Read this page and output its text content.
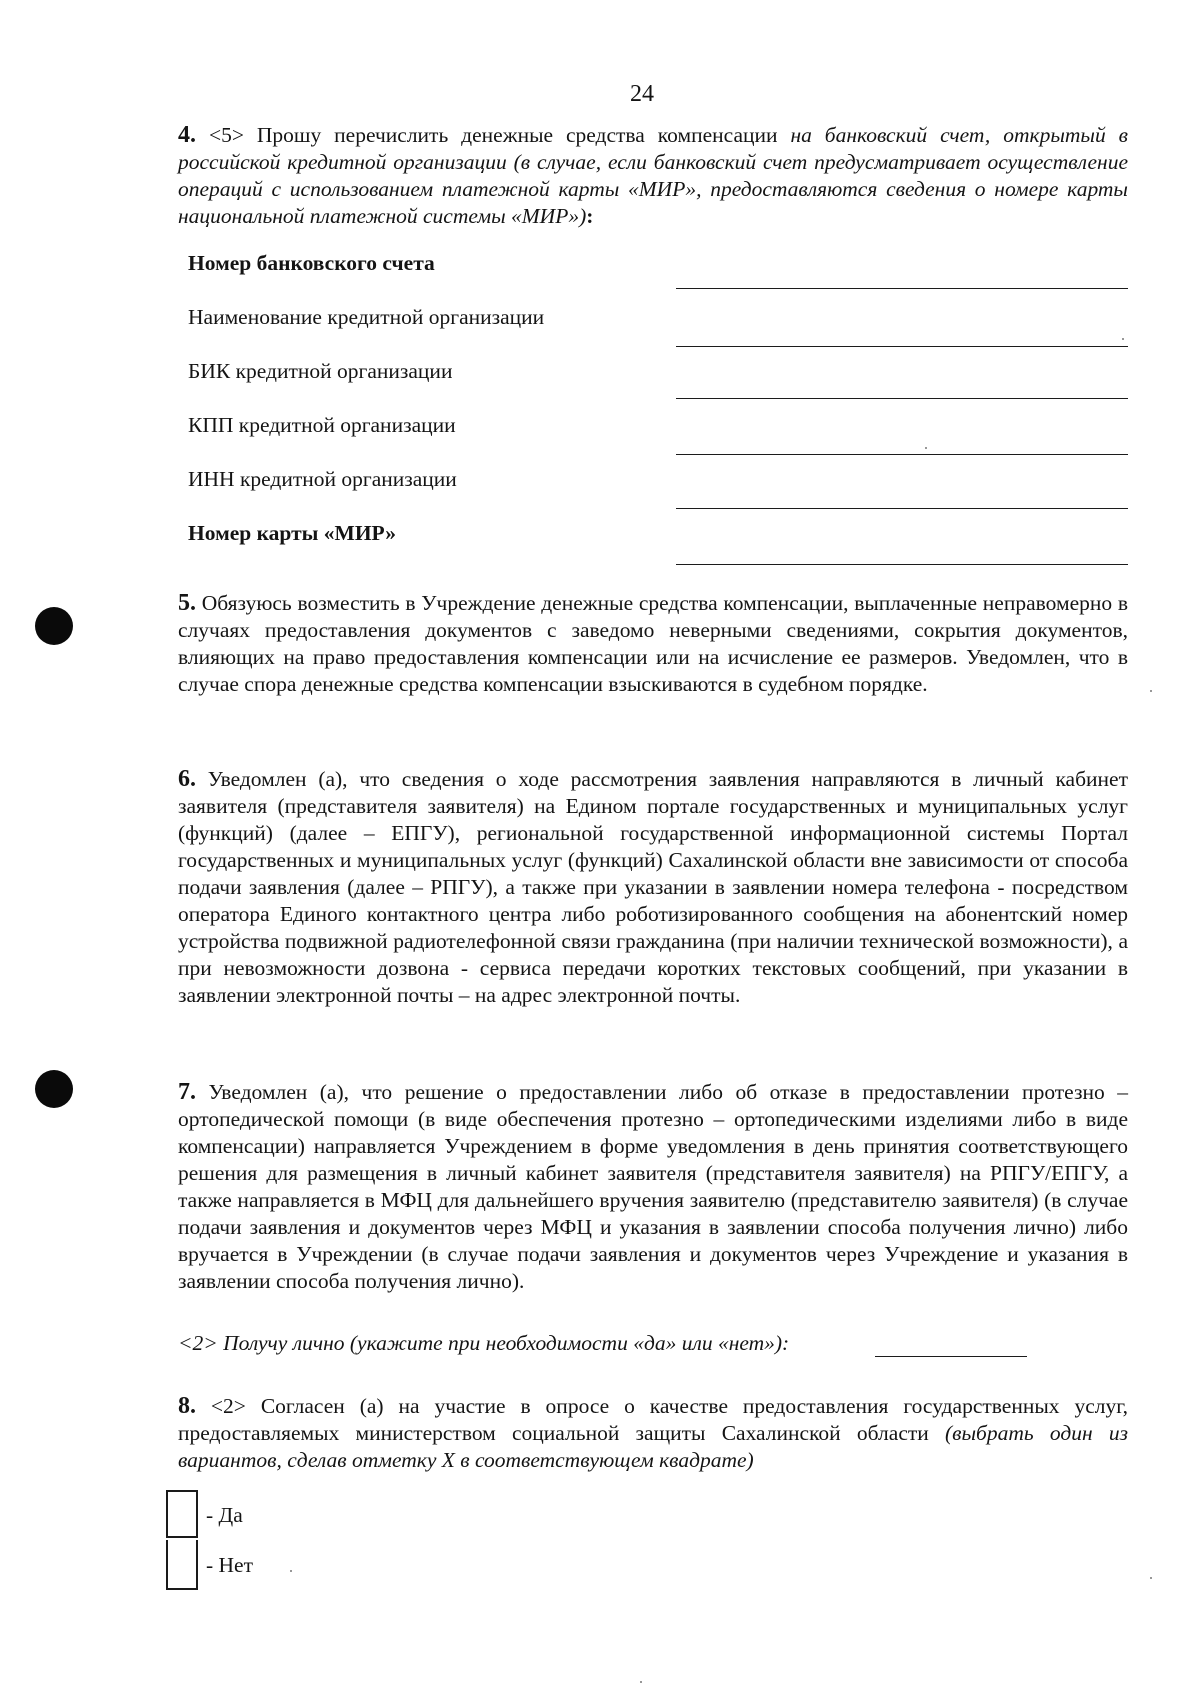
24

4. <5> Прошу перечислить денежные средства компенсации на банковский счет, открытый в российской кредитной организации (в случае, если банковский счет предусматривает осуществление операций с использованием платежной карты «МИР», предоставляются сведения о номере карты национальной платежной системы «МИР»):

Номер банковского счета
Наименование кредитной организации
БИК кредитной организации
КПП кредитной организации
ИНН кредитной организации
Номер карты «МИР»

5. Обязуюсь возместить в Учреждение денежные средства компенсации, выплаченные неправомерно в случаях предоставления документов с заведомо неверными сведениями, сокрытия документов, влияющих на право предоставления компенсации или на исчисление ее размеров. Уведомлен, что в случае спора денежные средства компенсации взыскиваются в судебном порядке.

6. Уведомлен (а), что сведения о ходе рассмотрения заявления направляются в личный кабинет заявителя (представителя заявителя) на Едином портале государственных и муниципальных услуг (функций) (далее – ЕПГУ), региональной государственной информационной системы Портал государственных и муниципальных услуг (функций) Сахалинской области вне зависимости от способа подачи заявления (далее – РПГУ), а также при указании в заявлении номера телефона - посредством оператора Единого контактного центра либо роботизированного сообщения на абонентский номер устройства подвижной радиотелефонной связи гражданина (при наличии технической возможности), а при невозможности дозвона - сервиса передачи коротких текстовых сообщений, при указании в заявлении электронной почты – на адрес электронной почты.

7. Уведомлен (а), что решение о предоставлении либо об отказе в предоставлении протезно – ортопедической помощи (в виде обеспечения протезно – ортопедическими изделиями либо в виде компенсации) направляется Учреждением в форме уведомления в день принятия соответствующего решения для размещения в личный кабинет заявителя (представителя заявителя) на РПГУ/ЕПГУ, а также направляется в МФЦ для дальнейшего вручения заявителю (представителю заявителя) (в случае подачи заявления и документов через МФЦ и указания в заявлении способа получения лично) либо вручается в Учреждении (в случае подачи заявления и документов через Учреждение и указания в заявлении способа получения лично).

<2> Получу лично (укажите при необходимости «да» или «нет»):

8. <2> Согласен (а) на участие в опросе о качестве предоставления государственных услуг, предоставляемых министерством социальной защиты Сахалинской области (выбрать один из вариантов, сделав отметку Х в соответствующем квадрате)

- Да
- Нет
